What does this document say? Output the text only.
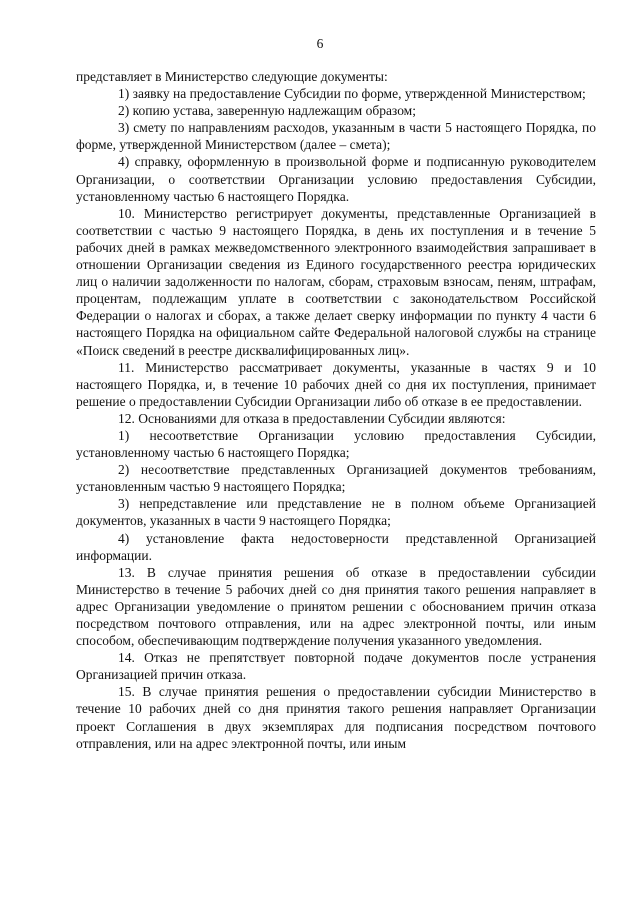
6

представляет в Министерство следующие документы:

1) заявку на предоставление Субсидии по форме, утвержденной Министерством;

2) копию устава, заверенную надлежащим образом;

3) смету по направлениям расходов, указанным в части 5 настоящего Порядка, по форме, утвержденной Министерством (далее – смета);

4) справку, оформленную в произвольной форме и подписанную руководителем Организации, о соответствии Организации условию предоставления Субсидии, установленному частью 6 настоящего Порядка.

10. Министерство регистрирует документы, представленные Организацией в соответствии с частью 9 настоящего Порядка, в день их поступления и в течение 5 рабочих дней в рамках межведомственного электронного взаимодействия запрашивает в отношении Организации сведения из Единого государственного реестра юридических лиц о наличии задолженности по налогам, сборам, страховым взносам, пеням, штрафам, процентам, подлежащим уплате в соответствии с законодательством Российской Федерации о налогах и сборах, а также делает сверку информации по пункту 4 части 6 настоящего Порядка на официальном сайте Федеральной налоговой службы на странице «Поиск сведений в реестре дисквалифицированных лиц».

11. Министерство рассматривает документы, указанные в частях 9 и 10 настоящего Порядка, и, в течение 10 рабочих дней со дня их поступления, принимает решение о предоставлении Субсидии Организации либо об отказе в ее предоставлении.

12. Основаниями для отказа в предоставлении Субсидии являются:

1) несоответствие Организации условию предоставления Субсидии, установленному частью 6 настоящего Порядка;

2) несоответствие представленных Организацией документов требованиям, установленным частью 9 настоящего Порядка;

3) непредставление или представление не в полном объеме Организацией документов, указанных в части 9 настоящего Порядка;

4) установление факта недостоверности представленной Организацией информации.

13. В случае принятия решения об отказе в предоставлении субсидии Министерство в течение 5 рабочих дней со дня принятия такого решения направляет в адрес Организации уведомление о принятом решении с обоснованием причин отказа посредством почтового отправления, или на адрес электронной почты, или иным способом, обеспечивающим подтверждение получения указанного уведомления.

14. Отказ не препятствует повторной подаче документов после устранения Организацией причин отказа.

15. В случае принятия решения о предоставлении субсидии Министерство в течение 10 рабочих дней со дня принятия такого решения направляет Организации проект Соглашения в двух экземплярах для подписания посредством почтового отправления, или на адрес электронной почты, или иным
